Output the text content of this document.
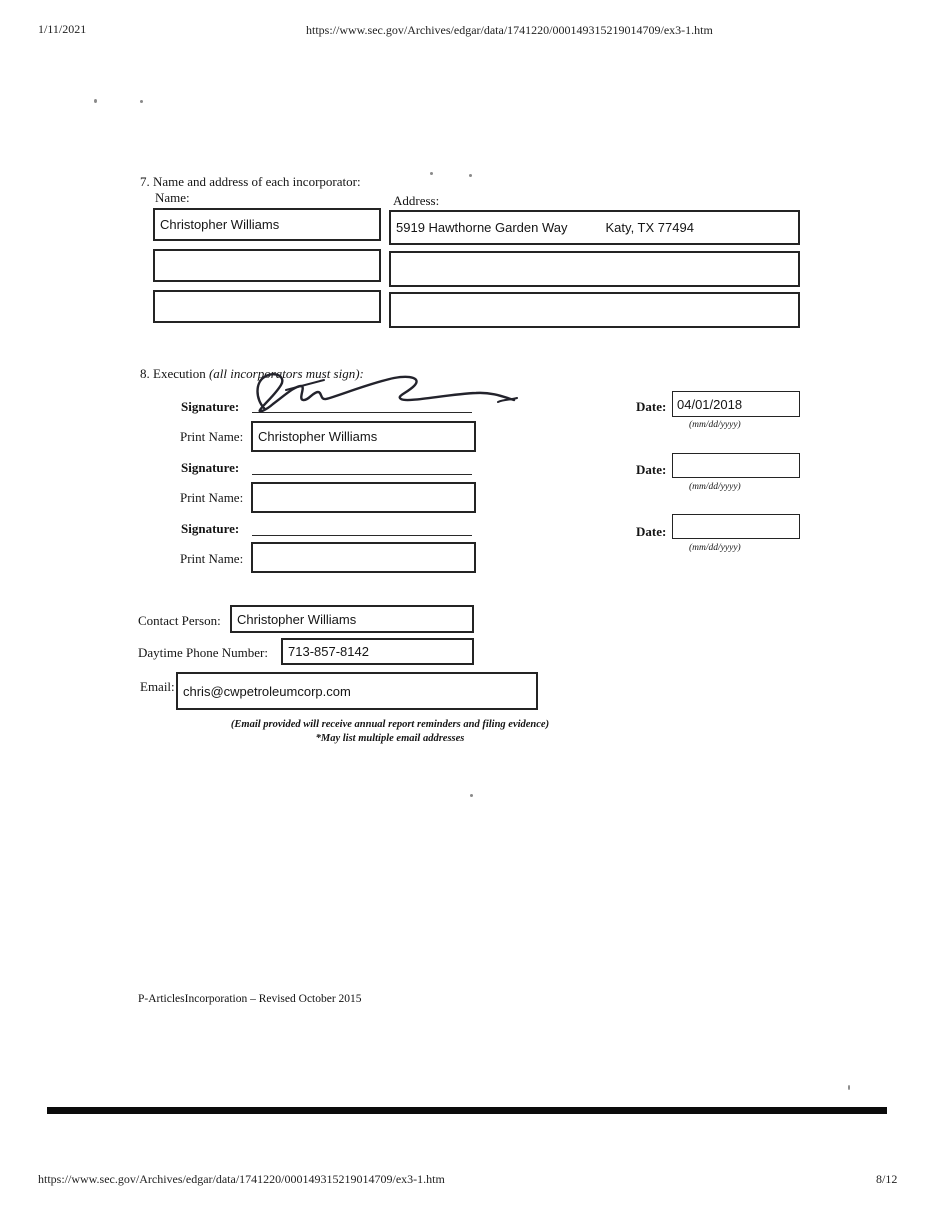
1/11/2021	https://www.sec.gov/Archives/edgar/data/1741220/000149315219014709/ex3-1.htm
7. Name and address of each incorporator:
Name:	Address:
Christopher Williams	5919 Hawthorne Garden Way	Katy, TX 77494
8. Execution (all incorporators must sign):
Signature:	Date: 04/01/2018
(mm/dd/yyyy)
Print Name: Christopher Williams
Signature:	Date:
(mm/dd/yyyy)
Print Name:
Signature:	Date:
(mm/dd/yyyy)
Print Name:
Contact Person: Christopher Williams
Daytime Phone Number: 713-857-8142
Email: chris@cwpetroleumcorp.com
(Email provided will receive annual report reminders and filing evidence)
*May list multiple email addresses
P-ArticlesIncorporation – Revised October 2015
https://www.sec.gov/Archives/edgar/data/1741220/000149315219014709/ex3-1.htm	8/12
